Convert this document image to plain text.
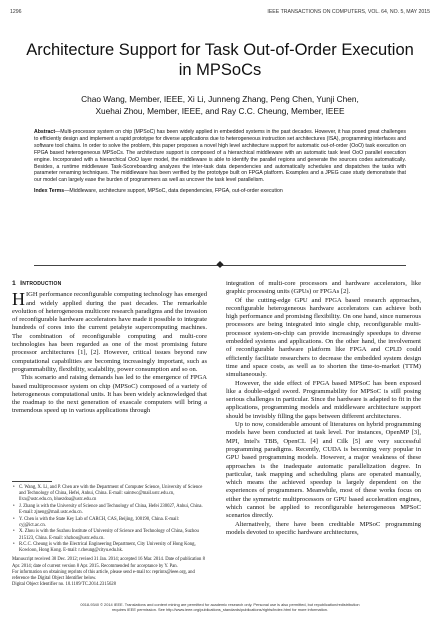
1296	IEEE TRANSACTIONS ON COMPUTERS, VOL. 64, NO. 5, MAY 2015
Architecture Support for Task Out-of-Order Execution in MPSoCs
Chao Wang, Member, IEEE, Xi Li, Junneng Zhang, Peng Chen, Yunji Chen,
Xuehai Zhou, Member, IEEE, and Ray C.C. Cheung, Member, IEEE
Abstract—Multi-processor system on chip (MPSoC) has been widely applied in embedded systems in the past decades. However, it has posed great challenges to efficiently design and implement a rapid prototype for diverse applications due to heterogeneous instruction set architectures (ISA), programming interfaces and software tool chains. In order to solve the problem, this paper proposes a novel high level architecture support for automatic out-of-order (OoO) task execution on FPGA based heterogeneous MPSoCs. The architecture support is composed of a hierarchical middleware with an automatic task level OoO parallel execution engine. Incorporated with a hierarchical OoO layer model, the middleware is able to identify the parallel regions and generate the sources codes automatically. Besides, a runtime middleware Task-Scoreboarding analyzes the inter-task data dependencies and automatically schedules and dispatches the tasks with parameter renaming techniques. The middleware has been verified by the prototype built on FPGA platform. Examples and a JPEG case study demonstrate that our model can largely ease the burden of programmers as well as uncover the task level parallelism.
Index Terms—Middleware, architecture support, MPSoC, data dependencies, FPGA, out-of-order execution
1 Introduction

HIGH performance reconfigurable computing technology has emerged and widely applied during the past decades. The remarkable evolution of heterogeneous multicore research paradigms and the invasion of reconfigurable hardware accelerators have made it possible to integrate hundreds of cores into the current petabyte supercomputing machines. The combination of reconfigurable computing and multi-core technologies has been regarded as one of the most promising future processor architectures [1], [2]. However, critical issues beyond raw computational capabilities are becoming increasingly important, such as programmability, flexibility, scalability, power consumption and so on.

This scenario and raising demands has led to the emergence of FPGA based multiprocessor system on chip (MPSoC) composed of a variety of heterogeneous computational units. It has been widely acknowledged that the roadmap to the next generation of exascale computers will bring a tremendous speed up in various applications through

integration of multi-core processors and hardware accelerators, like graphic processing units (GPUs) or FPGAs [2].

Of the cutting-edge GPU and FPGA based research approaches, reconfigurable heterogeneous hardware accelerators can achieve both high performance and promising flexibility. On one hand, since numerous processors are being integrated into single chip, reconfigurable multi-processor system-on-chip can provide increasingly speedups to diverse embedded systems and applications. On the other hand, the involvement of reconfigurable hardware platform like FPGA and CPLD could efficiently facilitate researchers to decrease the embedded system design time and space costs, as well as to shorten the time-to-market (TTM) simultaneously.

However, the side effect of FPGA based MPSoC has been exposed like a double-edged sword. Programmability for MPSoC is still posing serious challenges in particular. Since the hardware is adapted to fit in the applications, programming models and middleware architecture support should be invisibly filling the gaps between different architectures.

Up to now, considerable amount of literatures on hybrid programming models have been conducted at task level. For instances, OpenMP [3], MPI, Intel's TBB, OpenCL [4] and Cilk [5] are very successful programming paradigms. Recently, CUDA is becoming very popular in GPU based programming models. However, a major weakness of these approaches is the inadequate automatic parallelization degree. In particular, task mapping and scheduling plans are operated manually, which means the achieved speedup is largely dependent on the experiences of programmers. Meanwhile, most of these works focus on either the symmetric multiprocessors or GPU based acceleration engines, which cannot be applied to reconfigurable heterogeneous MPSoC scenarios directly.

Alternatively, there have been creditable MPSoC programming models devoted to specific hardware architectures,

• C. Wang, X. Li, and P. Chen are with the Department of Computer Science, University of Science and Technology of China, Hefei, Anhui, China. E-mail: saintwc@mail.ustc.edu.cn, llxx@ustc.edu.cn, bluezdoa@ustc.edu.cn
• J. Zhang is with the University of Science and Technology of China, Hefei 230027, Anhui, China. E-mail: zjneng@mail.ustc.edu.cn.
• Y. Chen is with the State Key Lab of CARCH, CAS, Beijing, 100190, China. E-mail: cyj@ict.ac.cn.
• X. Zhou is with the Suzhou Institute of University of Science and Technology of China, Suzhou 215123, China. E-mail: xhzhou@ustc.edu.cn.
• R.C.C. Cheung is with the Electrical Engineering Department, City University of Hong Kong, Kowloon, Hong Kong. E-mail: r.cheung@cityu.edu.hk.
Manuscript received 30 Dec. 2012; revised 31 Jan. 2014; accepted 16 Mar. 2014. Date of publication 8 Apr. 2014; date of current version 8 Apr. 2015. Recommended for acceptance by Y. Pan.
For information on obtaining reprints of this article, please send e-mail to: reprints@ieee.org, and reference the Digital Object Identifier below.
Digital Object Identifier no. 10.1109/TC.2014.2315628
0018-9340 © 2014 IEEE. Translations and content mining are permitted for academic research only. Personal use is also permitted, but republication/redistribution
requires IEEE permission. See http://www.ieee.org/publications_standards/publications/rights/index.html for more information.
